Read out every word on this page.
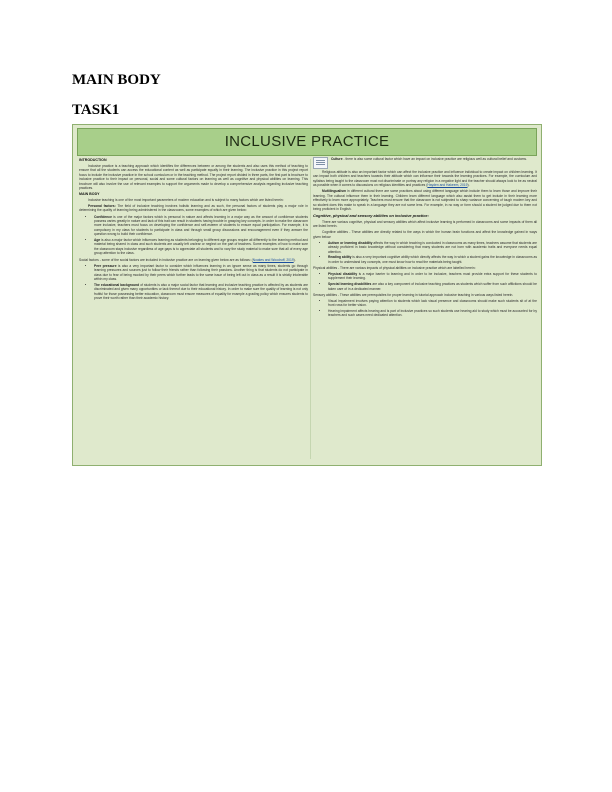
MAIN BODY
TASK1
INCLUSIVE PRACTICE

INTRODUCTION

Inclusive practice is a teaching approach which identifies the differences between or among the students and also uses this method of teaching to ensure that all the students can access the educational content as well as participate equally in their learning. The inclusive practice in this project report focus to include the inclusive practice in the school curriculum or in the teaching method. The project report divided in three parts, the first part is brochure to inclusive practice to their impact on personal, social and some cultural factors on learning as well as cognitive and physical abilities on learning. This brochure will also involve the use of relevant examples to support the arguments made to develop a comprehensive analysis regarding inclusive teaching practices.

MAIN BODY

Inclusive teaching is one of the most important parameters of modern education and is subject to many factors which are listed herein:

Personal factors: The field of inclusive teaching involves holistic learning and as such, the personal factors of students play a major role in determining the quality of learning being administered in the classrooms, some examples of which are given below:

• Confidence is one of the major factors which is personal in nature and affects learning in a major way as the amount of confidence students possess varies greatly in nature and lack of this trait can result in students having trouble in grasping key concepts. In order to make the classroom more inclusive, teachers must focus on developing the confidence and self-esteem of students to ensure equal participation. For example, it is compulsory in my class for students to participate in class and through small group discussions and encouragement even if they answer the question wrong to build their confidence.
• Age is also a major factor which influences learning as students belonging to different age groups require all differently to the learning method and material being shared in class and such students are usually left unclear or neglect on the part of teachers. Some examples of how to make sure the classroom stays inclusive regardless of age gaps is to appreciate all students and to vary the study material to make sure that all of every age group attention to the class.

Social factors - some of the social factors are included in inclusive practice are on learning given below are as follows: (Noakes and Woodruff, 2019).

• Peer pressure is also a very important factor to consider which influences learning in an ignore sense as many times, students go through learning pressures and sources just to follow their friends rather than following their passions. Another thing is that students do not participate in class due to fear of being mocked by their peers which further leads to the same issue of being left out in class as a result it is strictly intolerable within my class.
• The educational background of students is also a major social factor that learning and inclusive teaching practice is affected by as students are discriminated and given many opportunities or lack thereof due to their educational history. In order to make sure the quality of learning is not only fruitful for those possessing better education, classroom must ensure measures of equality for example a grading policy which ensures students to prove their worth rather than their academic history.

Culture - there is also some cultural factor which have an impact on inclusive practice are religious well as cultural belief and customs.

Religious attitude is also an important factor which can affect the inclusive practice and influence individual to create impact on children learning. It can impact both children and teachers towards their attitude which can influence their towards the learning practices. For example, the curriculum and syllabus being taught to the classroom must not discriminate or portray any religion in a negative light and the teacher should always look to be as neutral as possible when it comes to discussions on religious identities and practices (Hayden and Hakeem, 2019).

Multilingualism in different cultural there are some practices about using different language which include them to learn those and improve their learning. The cultural influence them in their learning. Children learn different language which also assist them to get include in their learning more effectively to learn more appropriately. Teachers must ensure that the classroom is not subjected to sharp variance concerning of tough modern key and so student does this make to speak in a language they are not some lens. For example, in no way or form should a student be judged due to them not being proficient in English.

Cognitive, physical and sensory abilities on inclusive practice:

There are various cognitive, physical and sensory abilities which affect inclusive learning is performed in classrooms and some impacts of them all are listed herein.

Cognitive abilities - These abilities are directly related to the ways in which the human brain functions and affect the knowledge gained in ways given below:

• Autism or learning disability affects the way in which teaching is conducted in classrooms as many times, teachers assume that students are already proficient in basic knowledge without considering that many students are not born with academic traits and everyone needs equal attention.
• Reading ability is also a very important cognitive ability which directly affects the way in which a student gains the knowledge in classrooms as in order to understand key concepts, one must know how to read the materials being taught.

Physical abilities - There are various impacts of physical abilities on inclusive practice which are labelled herein:

• Physical disability is a major barrier to learning and in order to be inclusive, teachers must provide extra support for these students to supplement their learning.
• Special learning disabilities are also a key component of inclusive teaching practices as students which suffer from such afflictions should be taken care of in a dedicated manner.

Sensory abilities - These abilities are prerequisites for proper learning in tutorial approach inclusive teaching in various ways listed herein.

• Visual impairment involves paying attention to students which lack visual presence and classrooms should make such students sit of at the front rows for better vision.
• Hearing impairment affects hearing and is part of inclusive practices so such students use hearing aid to study which must be accounted for by teachers and such cases need dedicated attention.
